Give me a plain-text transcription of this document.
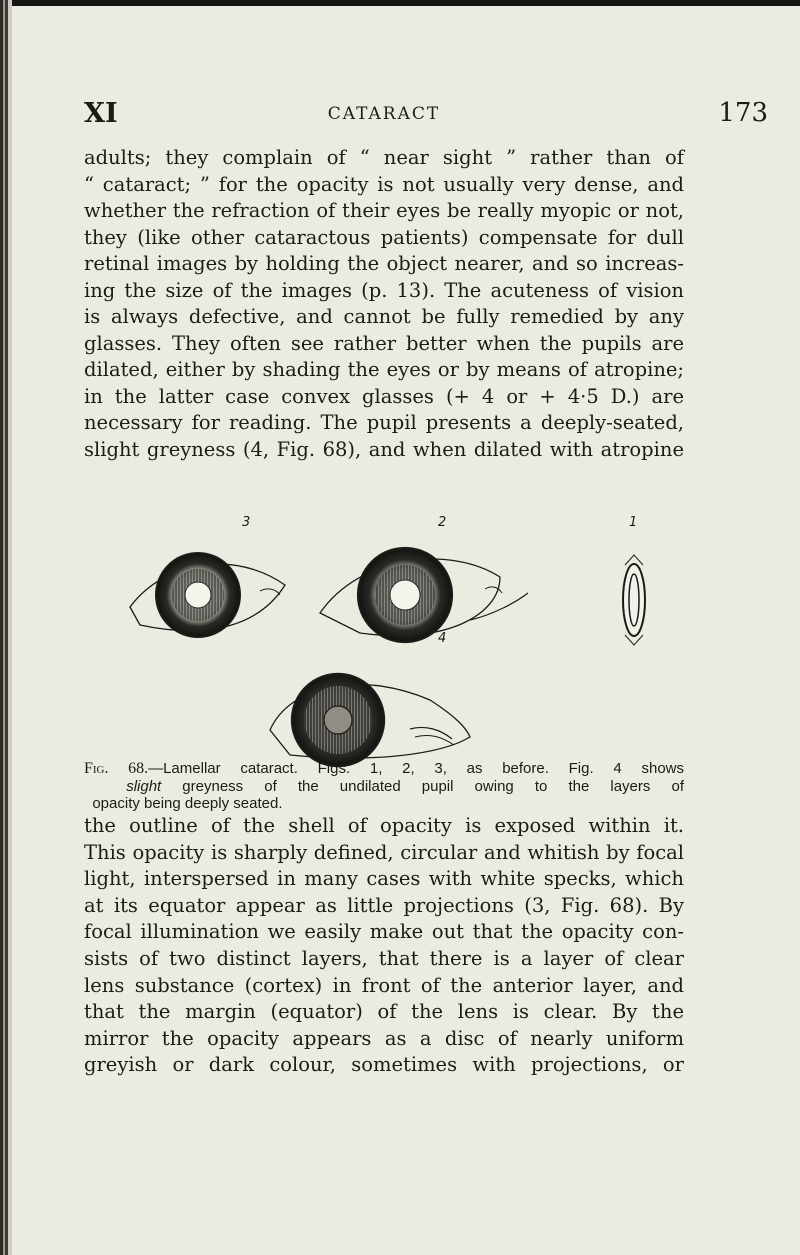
XI	CATARACT	173

adults; they complain of “ near sight ” rather than of
“ cataract; ” for the opacity is not usually very dense, and
whether the refraction of their eyes be really myopic or not,
they (like other cataractous patients) compensate for dull
retinal images by holding the object nearer, and so increas-
ing the size of the images (p. 13). The acuteness of vision
is always defective, and cannot be fully remedied by any
glasses. They often see rather better when the pupils are
dilated, either by shading the eyes or by means of atropine;
in the latter case convex glasses (+ 4 or + 4·5 D.) are
necessary for reading. The pupil presents a deeply-seated,
slight greyness (4, Fig. 68), and when dilated with atropine

3	2	1
4

Fig. 68.—Lamellar cataract. Figs. 1, 2, 3, as before. Fig. 4 shows
slight greyness of the undilated pupil owing to the layers of
opacity being deeply seated.

the outline of the shell of opacity is exposed within it.
This opacity is sharply defined, circular and whitish by focal
light, interspersed in many cases with white specks, which
at its equator appear as little projections (3, Fig. 68). By
focal illumination we easily make out that the opacity con-
sists of two distinct layers, that there is a layer of clear
lens substance (cortex) in front of the anterior layer, and
that the margin (equator) of the lens is clear. By the
mirror the opacity appears as a disc of nearly uniform
greyish or dark colour, sometimes with projections, or
